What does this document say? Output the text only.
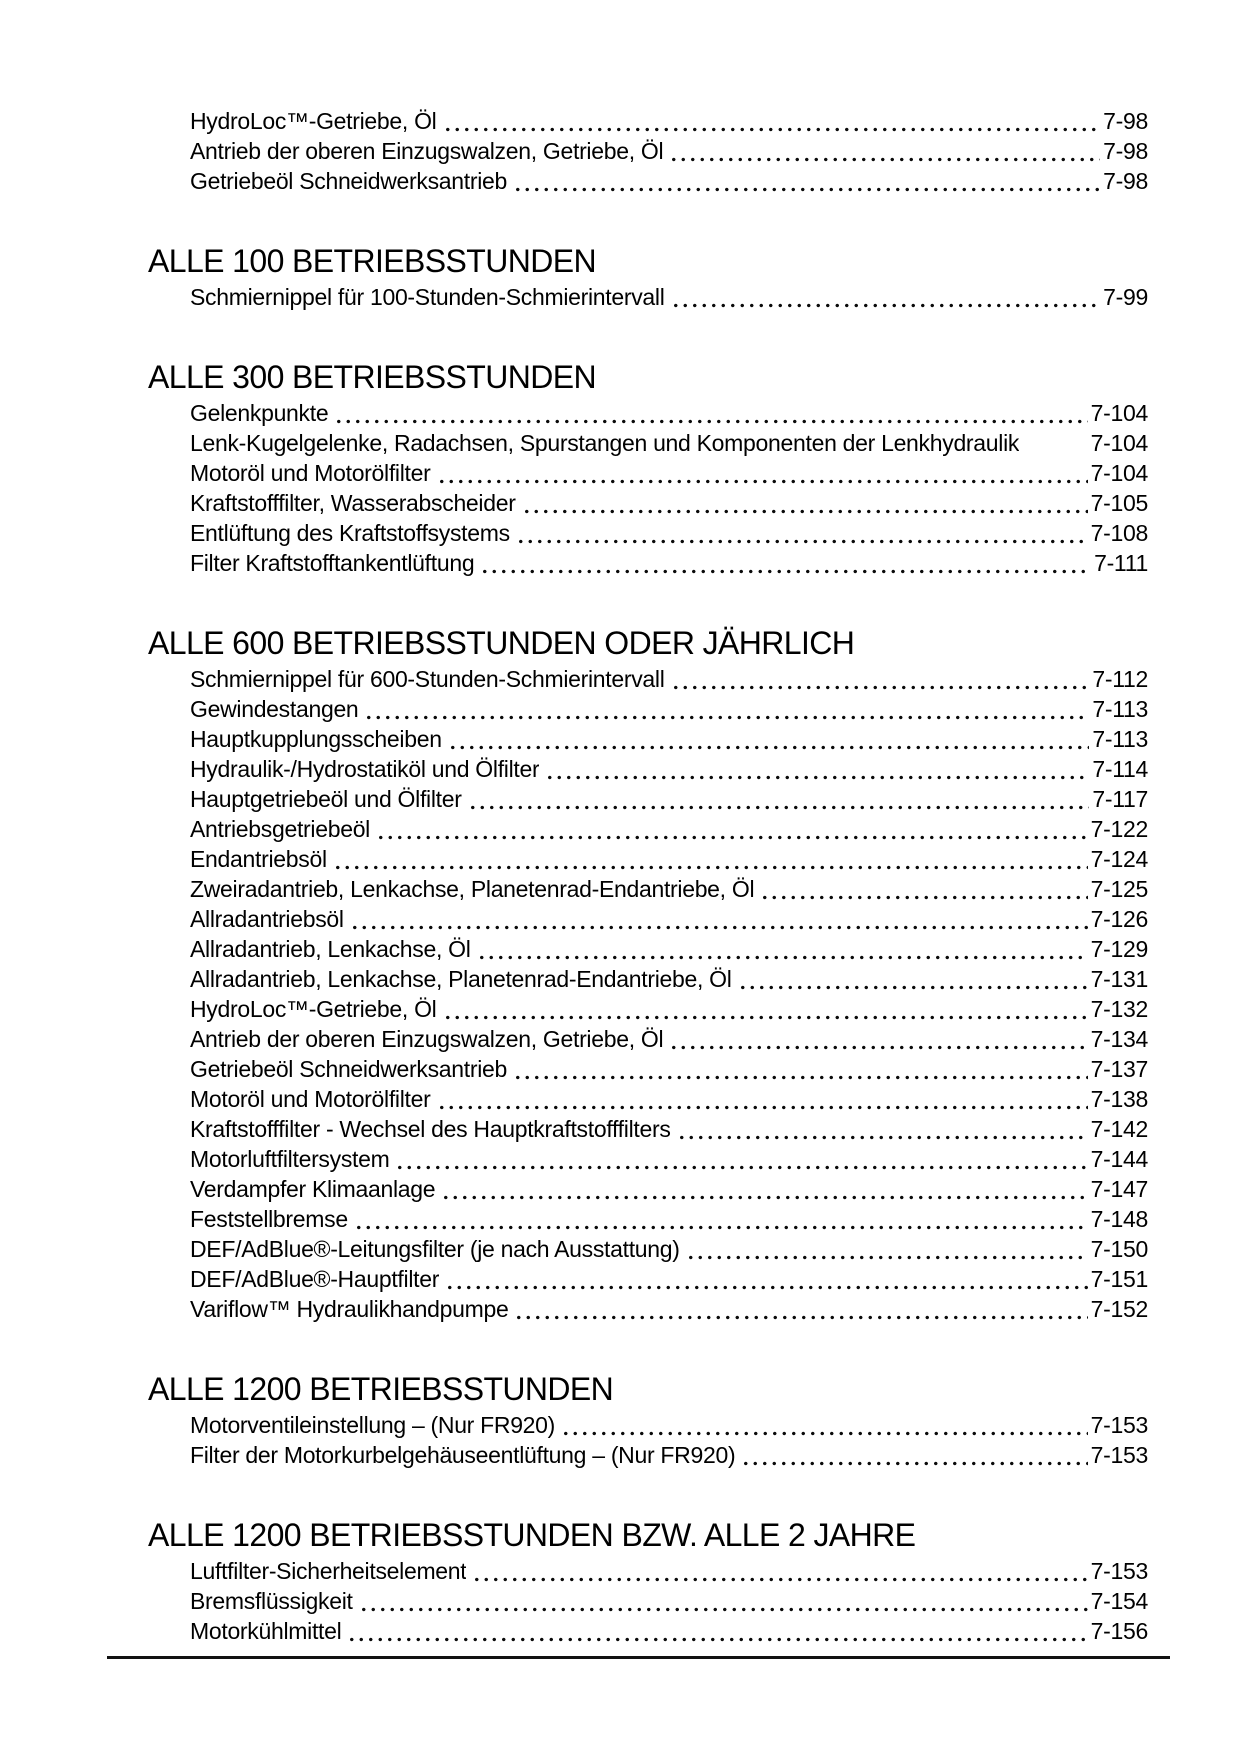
HydroLoc™-Getriebe, Öl	7-98
Antrieb der oberen Einzugswalzen, Getriebe, Öl	7-98
Getriebeöl Schneidwerksantrieb	7-98
ALLE 100 BETRIEBSSTUNDEN
Schmiernippel für 100-Stunden-Schmierintervall	7-99
ALLE 300 BETRIEBSSTUNDEN
Gelenkpunkte	7-104
Lenk-Kugelgelenke, Radachsen, Spurstangen und Komponenten der Lenkhydraulik	7-104
Motoröl und Motorölfilter	7-104
Kraftstofffilter, Wasserabscheider	7-105
Entlüftung des Kraftstoffsystems	7-108
Filter Kraftstofftankentlüftung	7-111
ALLE 600 BETRIEBSSTUNDEN ODER JÄHRLICH
Schmiernippel für 600-Stunden-Schmierintervall	7-112
Gewindestangen	7-113
Hauptkupplungsscheiben	7-113
Hydraulik-/Hydrostatiköl und Ölfilter	7-114
Hauptgetriebeöl und Ölfilter	7-117
Antriebsgetriebeöl	7-122
Endantriebsöl	7-124
Zweiradantrieb, Lenkachse, Planetenrad-Endantriebe, Öl	7-125
Allradantriebsöl	7-126
Allradantrieb, Lenkachse, Öl	7-129
Allradantrieb, Lenkachse, Planetenrad-Endantriebe, Öl	7-131
HydroLoc™-Getriebe, Öl	7-132
Antrieb der oberen Einzugswalzen, Getriebe, Öl	7-134
Getriebeöl Schneidwerksantrieb	7-137
Motoröl und Motorölfilter	7-138
Kraftstofffilter - Wechsel des Hauptkraftstofffilters	7-142
Motorluftfiltersystem	7-144
Verdampfer Klimaanlage	7-147
Feststellbremse	7-148
DEF/AdBlue®-Leitungsfilter (je nach Ausstattung)	7-150
DEF/AdBlue®-Hauptfilter	7-151
Variflow™ Hydraulikhandpumpe	7-152
ALLE 1200 BETRIEBSSTUNDEN
Motorventileinstellung – (Nur FR920)	7-153
Filter der Motorkurbelgehäuseentlüftung – (Nur FR920)	7-153
ALLE 1200 BETRIEBSSTUNDEN BZW. ALLE 2 JAHRE
Luftfilter-Sicherheitselement	7-153
Bremsflüssigkeit	7-154
Motorkühlmittel	7-156
